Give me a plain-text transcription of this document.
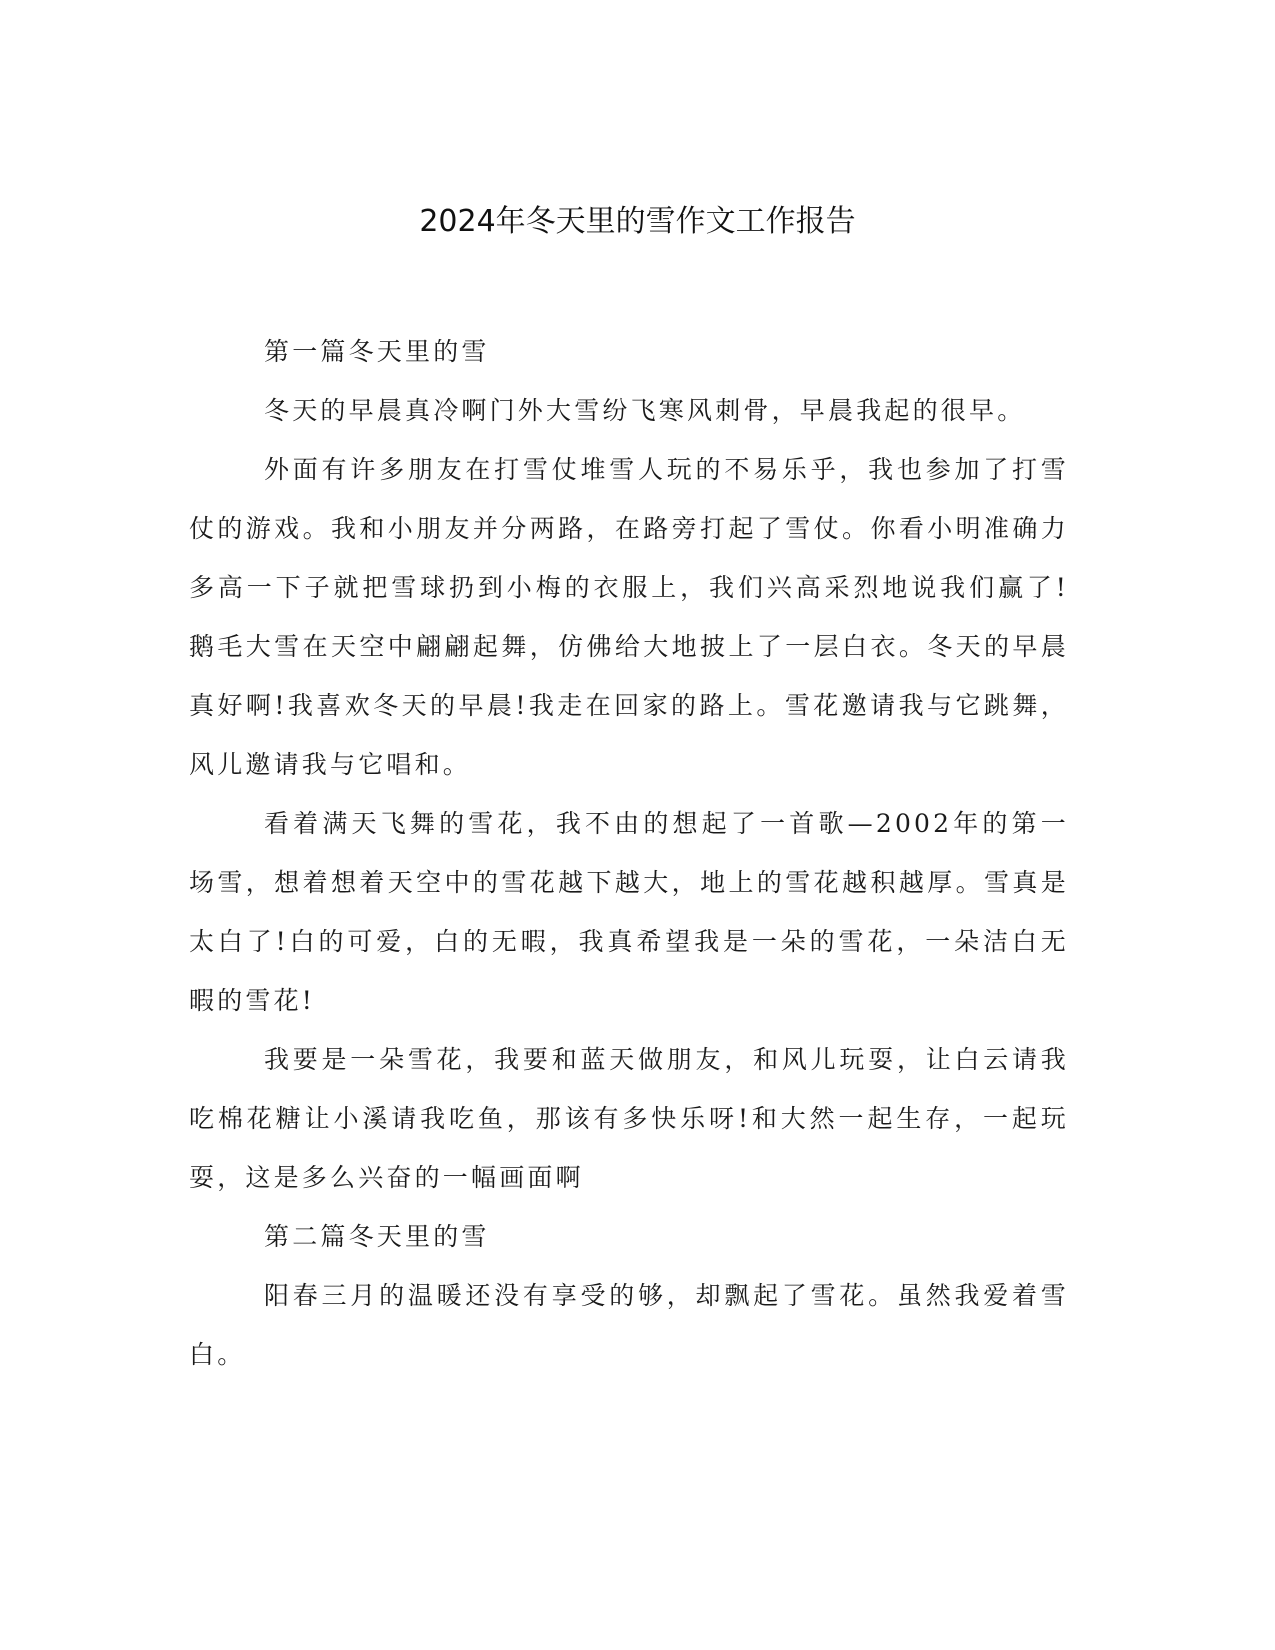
2024年冬天里的雪作文工作报告

第一篇冬天里的雪

冬天的早晨真冷啊门外大雪纷飞寒风刺骨，早晨我起的很早。

外面有许多朋友在打雪仗堆雪人玩的不易乐乎，我也参加了打雪仗的游戏。我和小朋友并分两路，在路旁打起了雪仗。你看小明准确力多高一下子就把雪球扔到小梅的衣服上，我们兴高采烈地说我们赢了!鹅毛大雪在天空中翩翩起舞，仿佛给大地披上了一层白衣。冬天的早晨真好啊!我喜欢冬天的早晨!我走在回家的路上。雪花邀请我与它跳舞，风儿邀请我与它唱和。

看着满天飞舞的雪花，我不由的想起了一首歌—2002年的第一场雪，想着想着天空中的雪花越下越大，地上的雪花越积越厚。雪真是太白了!白的可爱，白的无暇，我真希望我是一朵的雪花，一朵洁白无暇的雪花!

我要是一朵雪花，我要和蓝天做朋友，和风儿玩耍，让白云请我吃棉花糖让小溪请我吃鱼，那该有多快乐呀!和大然一起生存，一起玩耍，这是多么兴奋的一幅画面啊

第二篇冬天里的雪

阳春三月的温暖还没有享受的够，却飘起了雪花。虽然我爱着雪白。
